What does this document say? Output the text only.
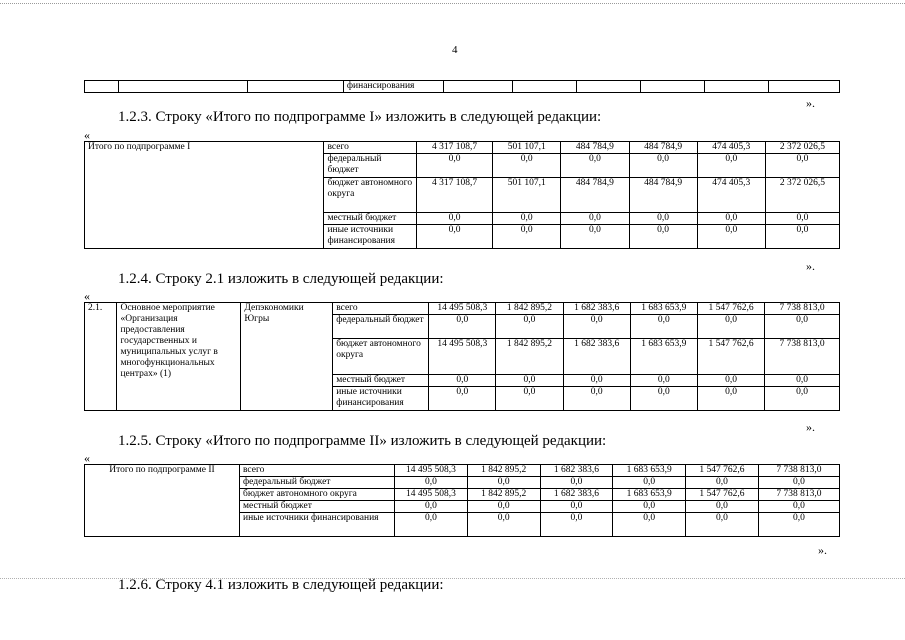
4
			финансирования						
».
1.2.3. Строку «Итого по подпрограмме I» изложить в следующей редакции:
«
Итого по подпрограмме I	всего	4 317 108,7	501 107,1	484 784,9	484 784,9	474 405,3	2 372 026,5
	федеральный бюджет	0,0	0,0	0,0	0,0	0,0	0,0
	бюджет автономного округа	4 317 108,7	501 107,1	484 784,9	484 784,9	474 405,3	2 372 026,5
	местный бюджет	0,0	0,0	0,0	0,0	0,0	0,0
	иные источники финансирования	0,0	0,0	0,0	0,0	0,0	0,0
».
1.2.4. Строку 2.1 изложить в следующей редакции:
«
2.1.	Основное мероприятие «Организация предоставления государственных и муниципальных услуг в многофункциональных центрах» (1)	Депэкономики Югры	всего	14 495 508,3	1 842 895,2	1 682 383,6	1 683 653,9	1 547 762,6	7 738 813,0
			федеральный бюджет	0,0	0,0	0,0	0,0	0,0	0,0
			бюджет автономного округа	14 495 508,3	1 842 895,2	1 682 383,6	1 683 653,9	1 547 762,6	7 738 813,0
			местный бюджет	0,0	0,0	0,0	0,0	0,0	0,0
			иные источники финансирования	0,0	0,0	0,0	0,0	0,0	0,0
».
1.2.5. Строку «Итого по подпрограмме II» изложить в следующей редакции:
«
Итого по подпрограмме II	всего	14 495 508,3	1 842 895,2	1 682 383,6	1 683 653,9	1 547 762,6	7 738 813,0
	федеральный бюджет	0,0	0,0	0,0	0,0	0,0	0,0
	бюджет автономного округа	14 495 508,3	1 842 895,2	1 682 383,6	1 683 653,9	1 547 762,6	7 738 813,0
	местный бюджет	0,0	0,0	0,0	0,0	0,0	0,0
	иные источники финансирования	0,0	0,0	0,0	0,0	0,0	0,0
».
1.2.6. Строку 4.1 изложить в следующей редакции:
